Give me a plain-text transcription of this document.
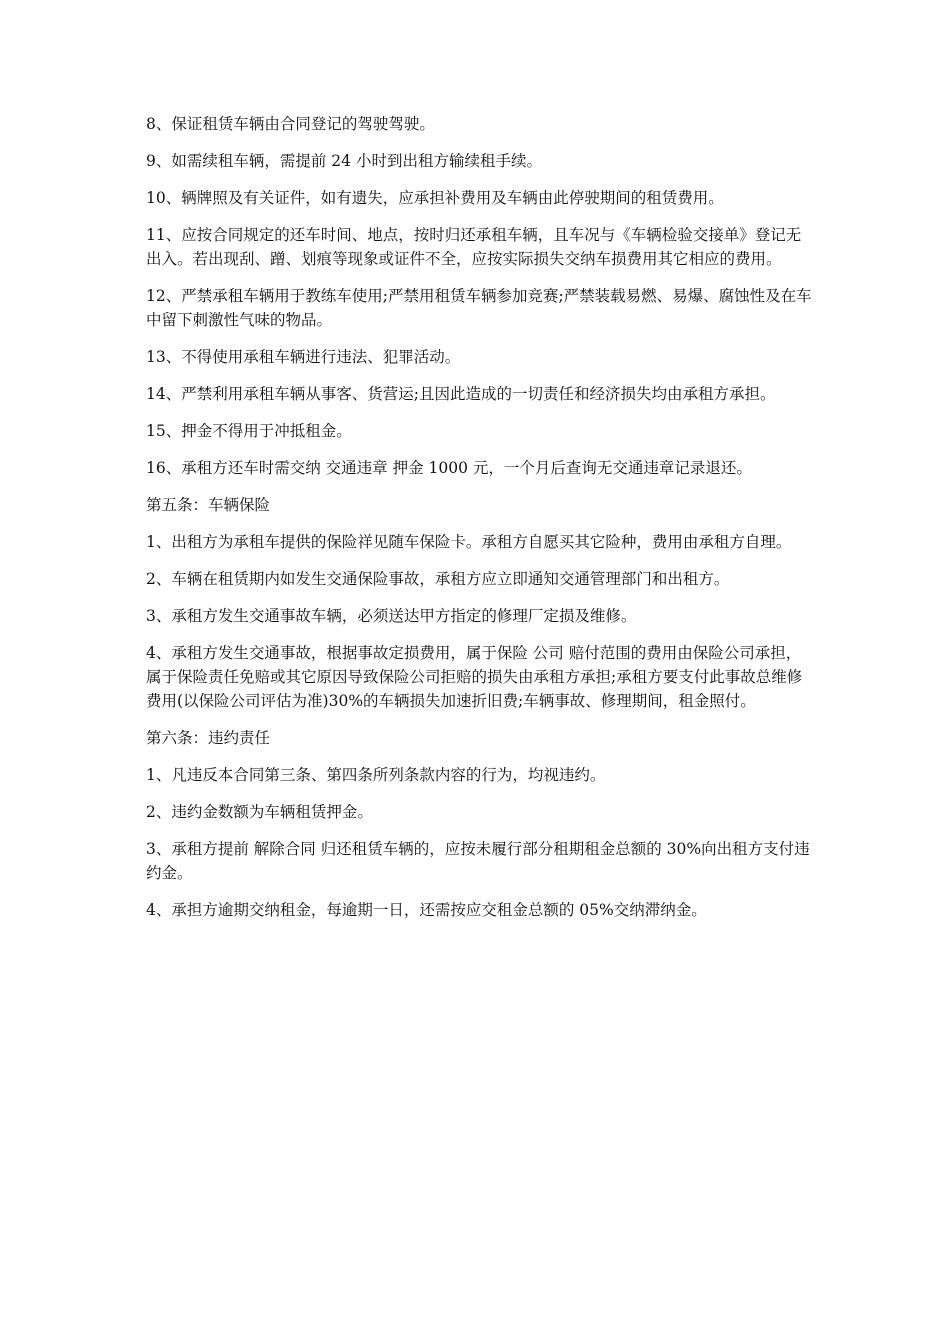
8、保证租赁车辆由合同登记的驾驶驾驶。

9、如需续租车辆，需提前 24 小时到出租方输续租手续。

10、辆牌照及有关证件，如有遗失，应承担补费用及车辆由此停驶期间的租赁费用。

11、应按合同规定的还车时间、地点，按时归还承租车辆，且车况与《车辆检验交接单》登记无出入。若出现刮、蹭、划痕等现象或证件不全，应按实际损失交纳车损费用其它相应的费用。

12、严禁承租车辆用于教练车使用;严禁用租赁车辆参加竞赛;严禁装载易燃、易爆、腐蚀性及在车中留下刺激性气味的物品。

13、不得使用承租车辆进行违法、犯罪活动。

14、严禁利用承租车辆从事客、货营运;且因此造成的一切责任和经济损失均由承租方承担。

15、押金不得用于冲抵租金。

16、承租方还车时需交纳 交通违章 押金 1000 元，一个月后查询无交通违章记录退还。

第五条：车辆保险

1、出租方为承租车提供的保险祥见随车保险卡。承租方自愿买其它险种，费用由承租方自理。

2、车辆在租赁期内如发生交通保险事故，承租方应立即通知交通管理部门和出租方。

3、承租方发生交通事故车辆，必须送达甲方指定的修理厂定损及维修。

4、承租方发生交通事故，根据事故定损费用，属于保险 公司 赔付范围的费用由保险公司承担，属于保险责任免赔或其它原因导致保险公司拒赔的损失由承租方承担;承租方要支付此事故总维修费用(以保险公司评估为准)30%的车辆损失加速折旧费;车辆事故、修理期间，租金照付。

第六条：违约责任

1、凡违反本合同第三条、第四条所列条款内容的行为，均视违约。

2、违约金数额为车辆租赁押金。

3、承租方提前 解除合同 归还租赁车辆的，应按未履行部分租期租金总额的 30%向出租方支付违约金。

4、承担方逾期交纳租金，每逾期一日，还需按应交租金总额的 05%交纳滞纳金。
